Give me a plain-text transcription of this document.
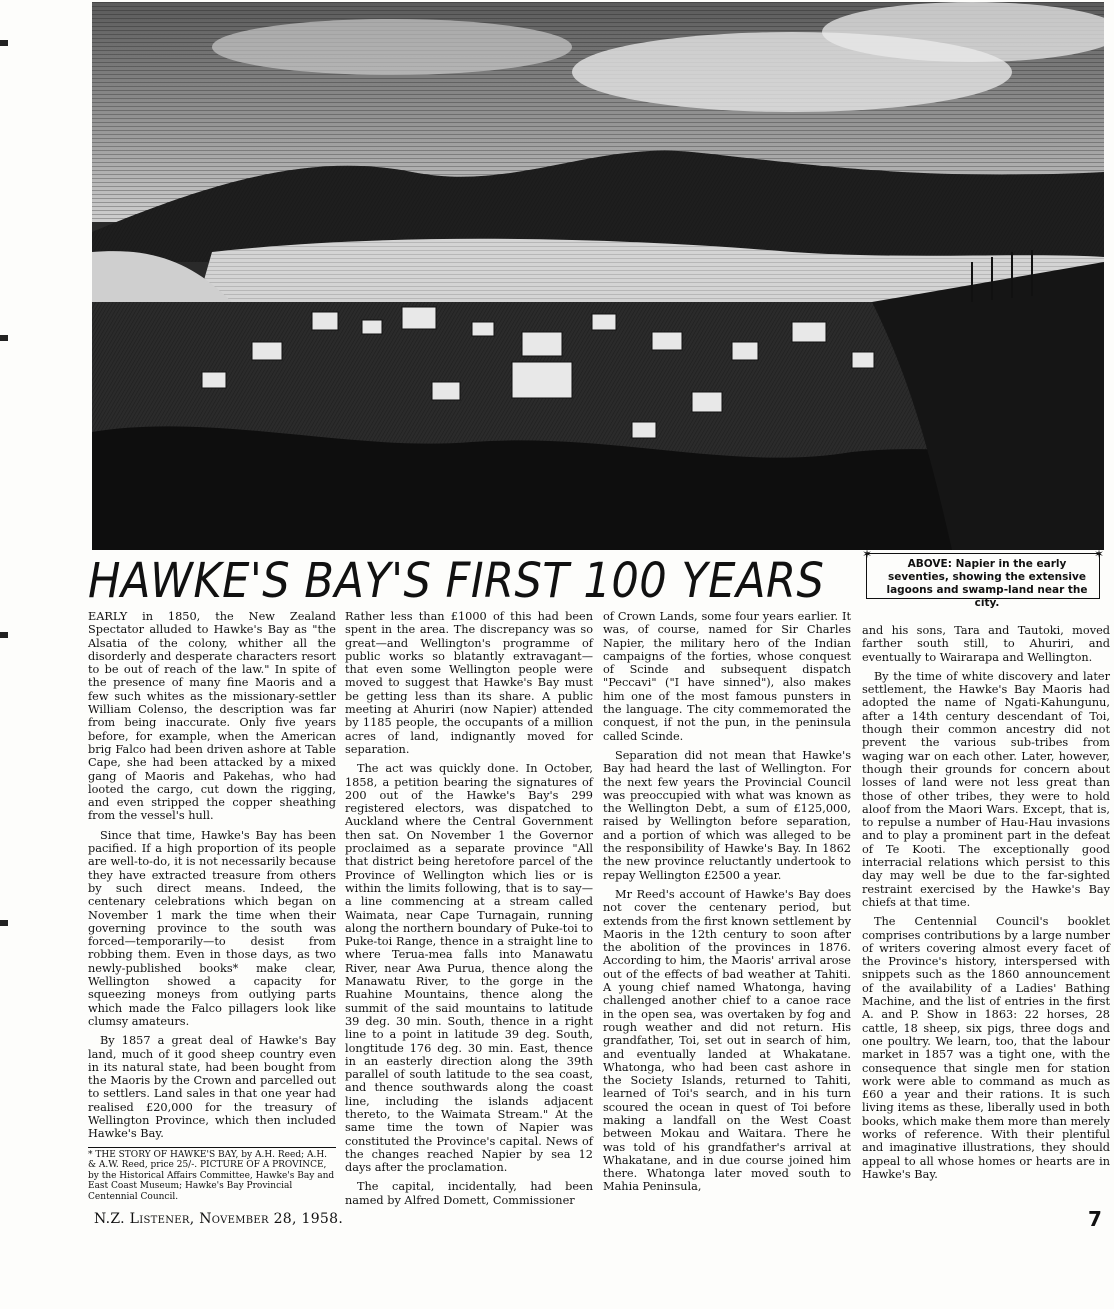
HAWKE'S BAY'S FIRST 100 YEARS	✶	✶
ABOVE: Napier in the early seventies, showing the extensive lagoons and swamp-land near the city.

EARLY in 1850, the New Zealand Spectator alluded to Hawke's Bay as "the Alsatia of the colony, whither all the disorderly and desperate characters resort to be out of reach of the law." In spite of the presence of many fine Maoris and a few such whites as the missionary-settler William Colenso, the description was far from being inaccurate. Only five years before, for example, when the American brig Falco had been driven ashore at Table Cape, she had been attacked by a mixed gang of Maoris and Pakehas, who had looted the cargo, cut down the rigging, and even stripped the copper sheathing from the vessel's hull.

Since that time, Hawke's Bay has been pacified. If a high proportion of its people are well-to-do, it is not necessarily because they have extracted treasure from others by such direct means. Indeed, the centenary celebrations which began on November 1 mark the time when their governing province to the south was forced—temporarily—to desist from robbing them. Even in those days, as two newly-published books* make clear, Wellington showed a capacity for squeezing moneys from outlying parts which made the Falco pillagers look like clumsy amateurs.

By 1857 a great deal of Hawke's Bay land, much of it good sheep country even in its natural state, had been bought from the Maoris by the Crown and parcelled out to settlers. Land sales in that one year had realised £20,000 for the treasury of Wellington Province, which then included Hawke's Bay.

* THE STORY OF HAWKE'S BAY, by A.H. Reed; A.H. & A.W. Reed, price 25/-. PICTURE OF A PROVINCE, by the Historical Affairs Committee, Hawke's Bay and East Coast Museum; Hawke's Bay Provincial Centennial Council.

Rather less than £1000 of this had been spent in the area. The discrepancy was so great—and Wellington's programme of public works so blatantly extravagant—that even some Wellington people were moved to suggest that Hawke's Bay must be getting less than its share. A public meeting at Ahuriri (now Napier) attended by 1185 people, the occupants of a million acres of land, indignantly moved for separation.

The act was quickly done. In October, 1858, a petition bearing the signatures of 200 out of the Hawke's Bay's 299 registered electors, was dispatched to Auckland where the Central Government then sat. On November 1 the Governor proclaimed as a separate province "All that district being heretofore parcel of the Province of Wellington which lies or is within the limits following, that is to say—a line commencing at a stream called Waimata, near Cape Turnagain, running along the northern boundary of Puke-toi to Puke-toi Range, thence in a straight line to where Terua-mea falls into Manawatu River, near Awa Purua, thence along the Manawatu River, to the gorge in the Ruahine Mountains, thence along the summit of the said mountains to latitude 39 deg. 30 min. South, thence in a right line to a point in latitude 39 deg. South, longtitude 176 deg. 30 min. East, thence in an easterly direction along the 39th parallel of south latitude to the sea coast, and thence southwards along the coast line, including the islands adjacent thereto, to the Waimata Stream." At the same time the town of Napier was constituted the Province's capital. News of the changes reached Napier by sea 12 days after the proclamation.

The capital, incidentally, had been named by Alfred Domett, Commissioner

of Crown Lands, some four years earlier. It was, of course, named for Sir Charles Napier, the military hero of the Indian campaigns of the forties, whose conquest of Scinde and subsequent dispatch "Peccavi" ("I have sinned"), also makes him one of the most famous punsters in the language. The city commemorated the conquest, if not the pun, in the peninsula called Scinde.

Separation did not mean that Hawke's Bay had heard the last of Wellington. For the next few years the Provincial Council was preoccupied with what was known as the Wellington Debt, a sum of £125,000, raised by Wellington before separation, and a portion of which was alleged to be the responsibility of Hawke's Bay. In 1862 the new province reluctantly undertook to repay Wellington £2500 a year.

Mr Reed's account of Hawke's Bay does not cover the centenary period, but extends from the first known settlement by Maoris in the 12th century to soon after the abolition of the provinces in 1876. According to him, the Maoris' arrival arose out of the effects of bad weather at Tahiti. A young chief named Whatonga, having challenged another chief to a canoe race in the open sea, was overtaken by fog and rough weather and did not return. His grandfather, Toi, set out in search of him, and eventually landed at Whakatane. Whatonga, who had been cast ashore in the Society Islands, returned to Tahiti, learned of Toi's search, and in his turn scoured the ocean in quest of Toi before making a landfall on the West Coast between Mokau and Waitara. There he was told of his grandfather's arrival at Whakatane, and in due course joined him there. Whatonga later moved south to Mahia Peninsula,

and his sons, Tara and Tautoki, moved farther south still, to Ahuriri, and eventually to Wairarapa and Wellington.

By the time of white discovery and later settlement, the Hawke's Bay Maoris had adopted the name of Ngati-Kahungunu, after a 14th century descendant of Toi, though their common ancestry did not prevent the various sub-tribes from waging war on each other. Later, however, though their grounds for concern about losses of land were not less great than those of other tribes, they were to hold aloof from the Maori Wars. Except, that is, to repulse a number of Hau-Hau invasions and to play a prominent part in the defeat of Te Kooti. The exceptionally good interracial relations which persist to this day may well be due to the far-sighted restraint exercised by the Hawke's Bay chiefs at that time.

The Centennial Council's booklet comprises contributions by a large number of writers covering almost every facet of the Province's history, interspersed with snippets such as the 1860 announcement of the availability of a Ladies' Bathing Machine, and the list of entries in the first A. and P. Show in 1863: 22 horses, 28 cattle, 18 sheep, six pigs, three dogs and one poultry. We learn, too, that the labour market in 1857 was a tight one, with the consequence that single men for station work were able to command as much as £60 a year and their rations. It is such living items as these, liberally used in both books, which make them more than merely works of reference. With their plentiful and imaginative illustrations, they should appeal to all whose homes or hearts are in Hawke's Bay.

N.Z. Listener, November 28, 1958.	7
